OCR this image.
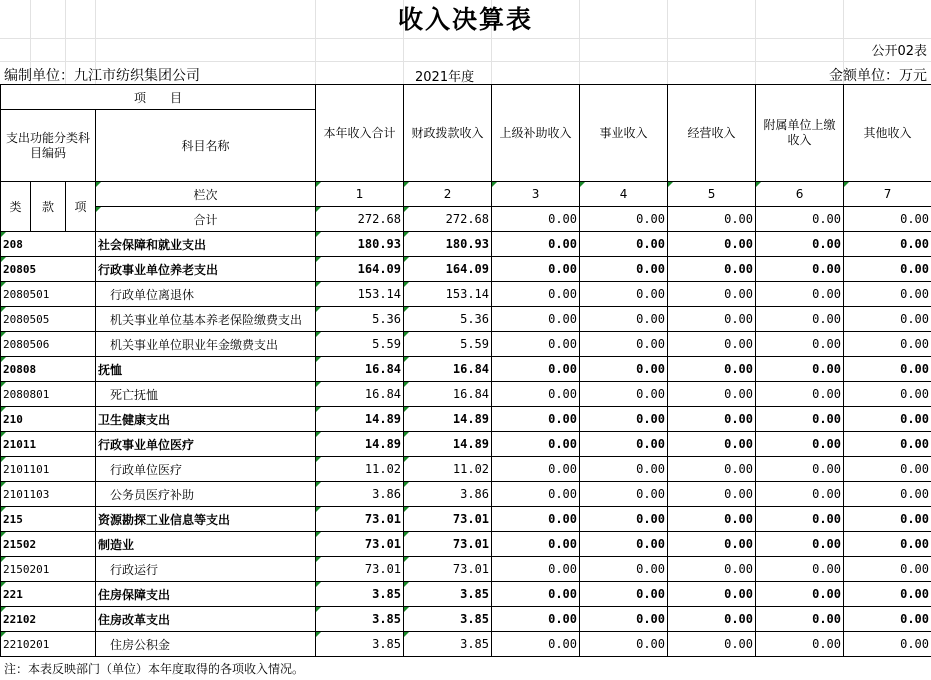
收入决算表
公开02表
编制单位：九江市纺织集团公司	2021年度	金额单位：万元
项　　目				本年收入合计	财政拨款收入	上级补助收入	事业收入	经营收入	附属单位上缴收入	其他收入
支出功能分类科目编码			科目名称							
类	款	项	栏次	1	2	3	4	5	6	7
			合计	272.68	272.68	0.00	0.00	0.00	0.00	0.00
208			社会保障和就业支出	180.93	180.93	0.00	0.00	0.00	0.00	0.00
20805			行政事业单位养老支出	164.09	164.09	0.00	0.00	0.00	0.00	0.00
2080501			行政单位离退休	153.14	153.14	0.00	0.00	0.00	0.00	0.00
2080505			机关事业单位基本养老保险缴费支出	5.36	5.36	0.00	0.00	0.00	0.00	0.00
2080506			机关事业单位职业年金缴费支出	5.59	5.59	0.00	0.00	0.00	0.00	0.00
20808			抚恤	16.84	16.84	0.00	0.00	0.00	0.00	0.00
2080801			死亡抚恤	16.84	16.84	0.00	0.00	0.00	0.00	0.00
210			卫生健康支出	14.89	14.89	0.00	0.00	0.00	0.00	0.00
21011			行政事业单位医疗	14.89	14.89	0.00	0.00	0.00	0.00	0.00
2101101			行政单位医疗	11.02	11.02	0.00	0.00	0.00	0.00	0.00
2101103			公务员医疗补助	3.86	3.86	0.00	0.00	0.00	0.00	0.00
215			资源勘探工业信息等支出	73.01	73.01	0.00	0.00	0.00	0.00	0.00
21502			制造业	73.01	73.01	0.00	0.00	0.00	0.00	0.00
2150201			行政运行	73.01	73.01	0.00	0.00	0.00	0.00	0.00
221			住房保障支出	3.85	3.85	0.00	0.00	0.00	0.00	0.00
22102			住房改革支出	3.85	3.85	0.00	0.00	0.00	0.00	0.00
2210201			住房公积金	3.85	3.85	0.00	0.00	0.00	0.00	0.00
注：本表反映部门（单位）本年度取得的各项收入情况。
